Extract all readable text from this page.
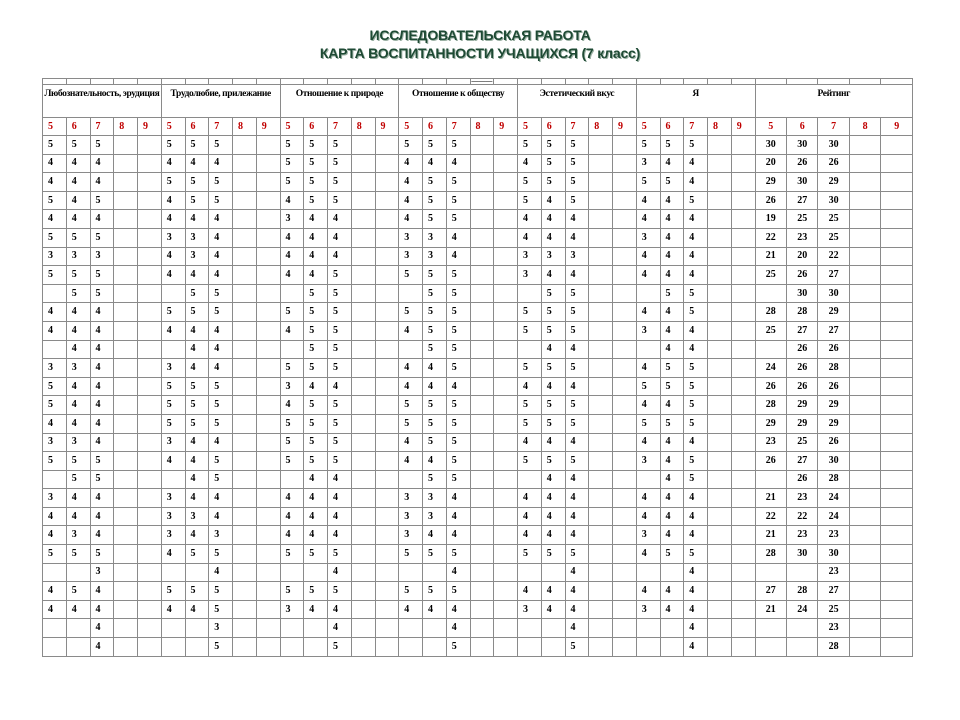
ИССЛЕДОВАТЕЛЬСКАЯ РАБОТА
КАРТА ВОСПИТАННОСТИ УЧАЩИХСЯ (7 класс)
																		———																
Любознательность, эрудиция					Трудолюбие, прилежание					Отношение к природе					Отношение к обществу					Эстетический вкус					Я					Рейтинг				
5	6	7	8	9	5	6	7	8	9	5	6	7	8	9	5	6	7	8	9	5	6	7	8	9	5	6	7	8	9	5	6	7	8	9
5	5	5			5	5	5			5	5	5			5	5	5			5	5	5			5	5	5			30	30	30		
4	4	4			4	4	4			5	5	5			4	4	4			4	5	5			3	4	4			20	26	26		
4	4	4			5	5	5			5	5	5			4	5	5			5	5	5			5	5	4			29	30	29		
5	4	5			4	5	5			4	5	5			4	5	5			5	4	5			4	4	5			26	27	30		
4	4	4			4	4	4			3	4	4			4	5	5			4	4	4			4	4	4			19	25	25		
5	5	5			3	3	4			4	4	4			3	3	4			4	4	4			3	4	4			22	23	25		
3	3	3			4	3	4			4	4	4			3	3	4			3	3	3			4	4	4			21	20	22		
5	5	5			4	4	4			4	4	5			5	5	5			3	4	4			4	4	4			25	26	27		
	5	5				5	5				5	5				5	5				5	5				5	5				30	30		
4	4	4			5	5	5			5	5	5			5	5	5			5	5	5			4	4	5			28	28	29		
4	4	4			4	4	4			4	5	5			4	5	5			5	5	5			3	4	4			25	27	27		
	4	4				4	4				5	5				5	5				4	4				4	4				26	26		
3	3	4			3	4	4			5	5	5			4	4	5			5	5	5			4	5	5			24	26	28		
5	4	4			5	5	5			3	4	4			4	4	4			4	4	4			5	5	5			26	26	26		
5	4	4			5	5	5			4	5	5			5	5	5			5	5	5			4	4	5			28	29	29		
4	4	4			5	5	5			5	5	5			5	5	5			5	5	5			5	5	5			29	29	29		
3	3	4			3	4	4			5	5	5			4	5	5			4	4	4			4	4	4			23	25	26		
5	5	5			4	4	5			5	5	5			4	4	5			5	5	5			3	4	5			26	27	30		
	5	5				4	5				4	4				5	5				4	4				4	5				26	28		
3	4	4			3	4	4			4	4	4			3	3	4			4	4	4			4	4	4			21	23	24		
4	4	4			3	3	4			4	4	4			3	3	4			4	4	4			4	4	4			22	22	24		
4	3	4			3	4	3			4	4	4			3	4	4			4	4	4			3	4	4			21	23	23		
5	5	5			4	5	5			5	5	5			5	5	5			5	5	5			4	5	5			28	30	30		
		3					4					4					4					4					4					23		
4	5	4			5	5	5			5	5	5			5	5	5			4	4	4			4	4	4			27	28	27		
4	4	4			4	4	5			3	4	4			4	4	4			3	4	4			3	4	4			21	24	25		
		4					3					4					4					4					4					23		
		4					5					5					5					5					4					28		
